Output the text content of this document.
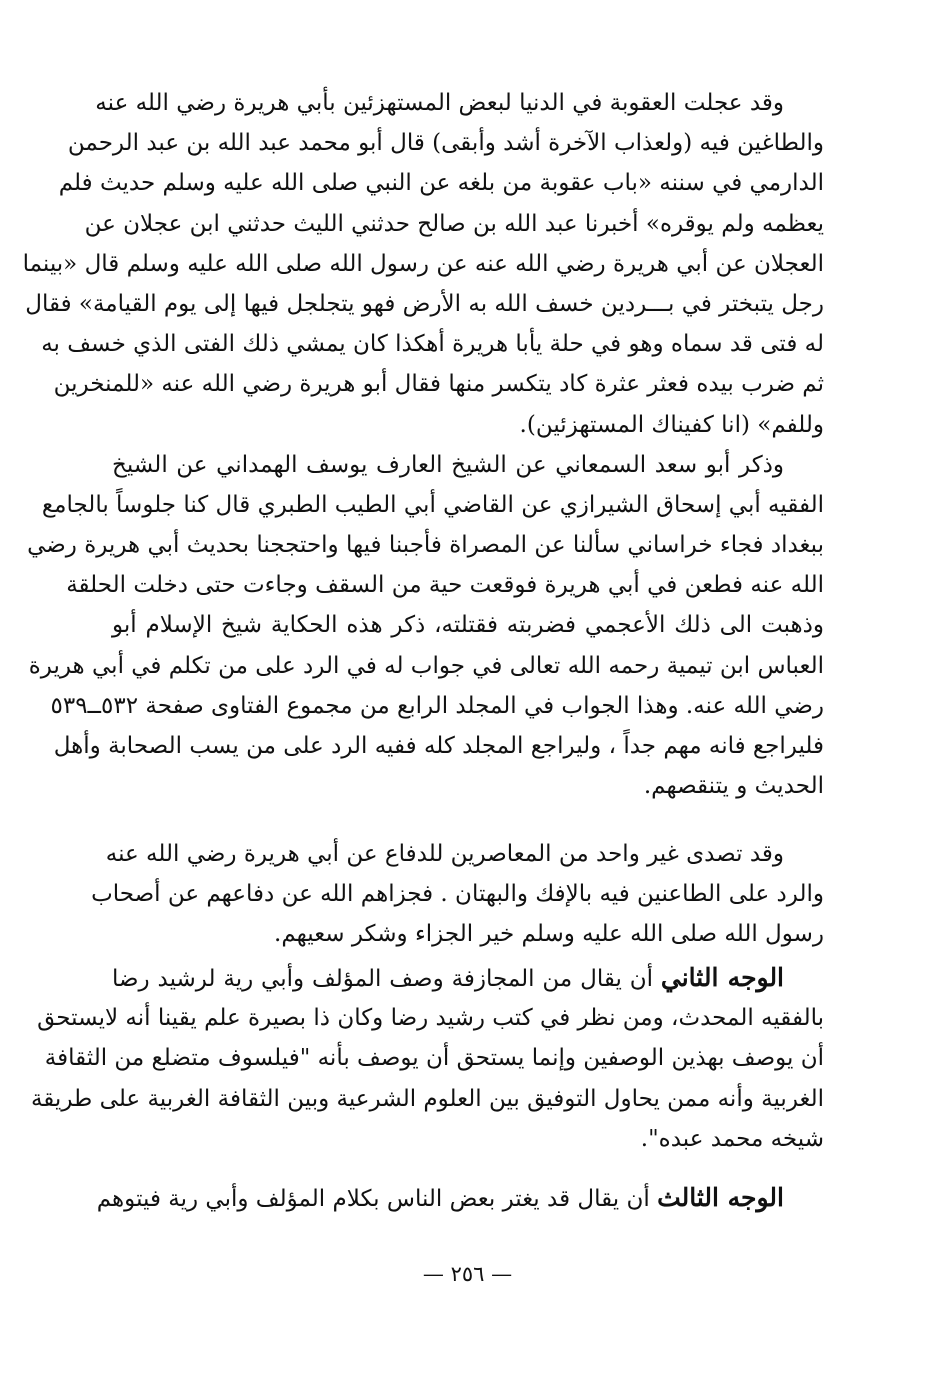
وقد عجلت العقوبة في الدنيا لبعض المستهزئين بأبي هريرة رضي الله عنه
والطاغين فيه (ولعذاب الآخرة أشد وأبقى) قال أبو محمد عبد الله بن عبد الرحمن
الدارمي في سننه «باب عقوبة من بلغه عن النبي صلى الله عليه وسلم حديث فلم
يعظمه ولم يوقره» أخبرنا عبد الله بن صالح حدثني الليث حدثني ابن عجلان عن
العجلان عن أبي هريرة رضي الله عنه عن رسول الله صلى الله عليه وسلم قال «بينما
رجل يتبختر في بـــردين خسف الله به الأرض فهو يتجلجل فيها إلى يوم القيامة» فقال
له فتى قد سماه وهو في حلة يأبا هريرة أهكذا كان يمشي ذلك الفتى الذي خسف به
ثم ضرب بيده فعثر عثرة كاد يتكسر منها فقال أبو هريرة رضي الله عنه «للمنخرين
وللفم» (انا كفيناك المستهزئين).
وذكر أبو سعد السمعاني عن الشيخ العارف يوسف الهمداني عن الشيخ
الفقيه أبي إسحاق الشيرازي عن القاضي أبي الطيب الطبري قال كنا جلوساً بالجامع
ببغداد فجاء خراساني سألنا عن المصراة فأجبنا فيها واحتججنا بحديث أبي هريرة رضي
الله عنه فطعن في أبي هريرة فوقعت حية من السقف وجاءت حتى دخلت الحلقة
وذهبت الى ذلك الأعجمي فضربته فقتلته، ذكر هذه الحكاية شيخ الإسلام أبو
العباس ابن تيمية رحمه الله تعالى في جواب له في الرد على من تكلم في أبي هريرة
رضي الله عنه. وهذا الجواب في المجلد الرابع من مجموع الفتاوى صفحة ٥٣٢ــ٥٣٩
فليراجع فانه مهم جداً ، وليراجع المجلد كله ففيه الرد على من يسب الصحابة وأهل
الحديث و يتنقصهم.
وقد تصدى غير واحد من المعاصرين للدفاع عن أبي هريرة رضي الله عنه
والرد على الطاعنين فيه بالإفك والبهتان . فجزاهم الله عن دفاعهم عن أصحاب
رسول الله صلى الله عليه وسلم خير الجزاء وشكر سعيهم.
الوجه الثاني أن يقال من المجازفة وصف المؤلف وأبي رية لرشيد رضا
بالفقيه المحدث، ومن نظر في كتب رشيد رضا وكان ذا بصيرة علم يقينا أنه لايستحق
أن يوصف بهذين الوصفين وإنما يستحق أن يوصف بأنه "فيلسوف متضلع من الثقافة
الغربية وأنه ممن يحاول التوفيق بين العلوم الشرعية وبين الثقافة الغربية على طريقة
شيخه محمد عبده".
الوجه الثالث أن يقال قد يغتر بعض الناس بكلام المؤلف وأبي رية فيتوهم
— ٢٥٦ —
